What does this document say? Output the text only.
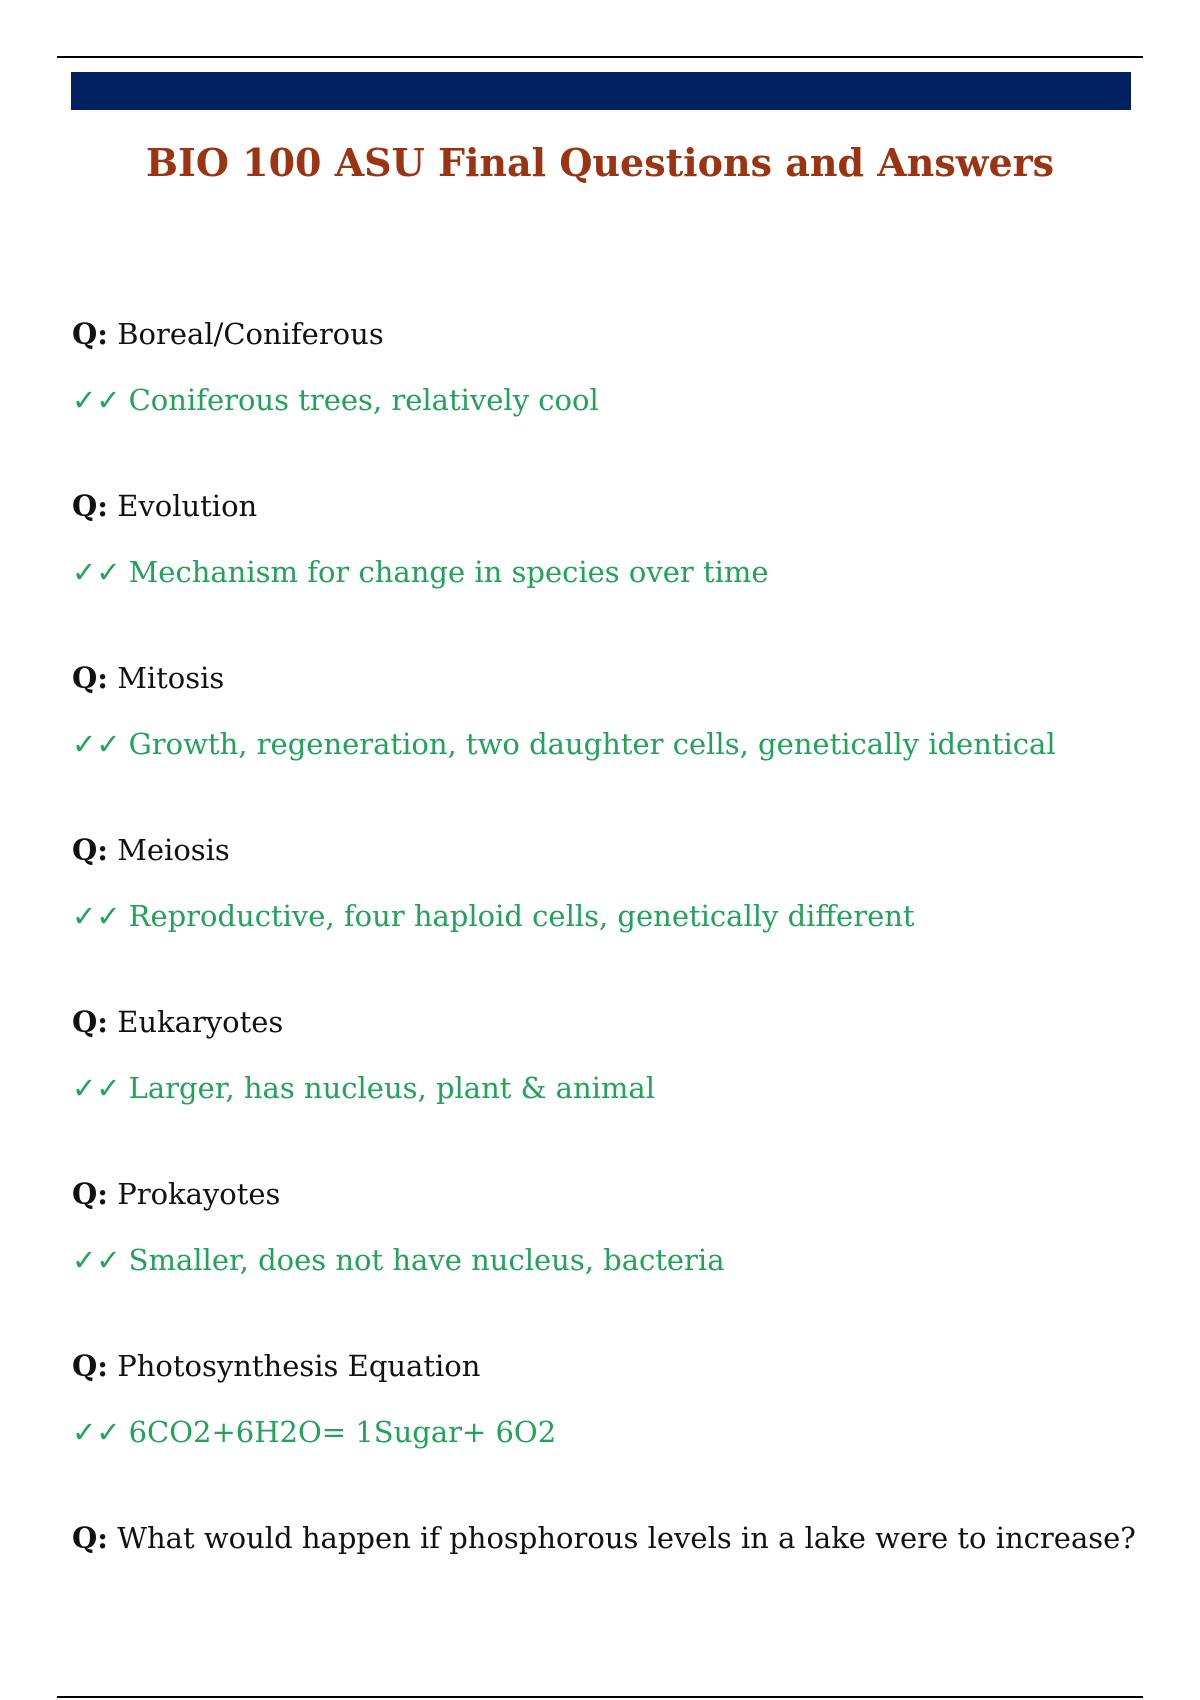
BIO 100 ASU Final Questions and Answers
Q: Boreal/Coniferous
✓✓ Coniferous trees, relatively cool
Q: Evolution
✓✓ Mechanism for change in species over time
Q: Mitosis
✓✓ Growth, regeneration, two daughter cells, genetically identical
Q: Meiosis
✓✓ Reproductive, four haploid cells, genetically different
Q: Eukaryotes
✓✓ Larger, has nucleus, plant & animal
Q: Prokayotes
✓✓ Smaller, does not have nucleus, bacteria
Q: Photosynthesis Equation
✓✓ 6CO2+6H2O= 1Sugar+ 6O2
Q: What would happen if phosphorous levels in a lake were to increase?
